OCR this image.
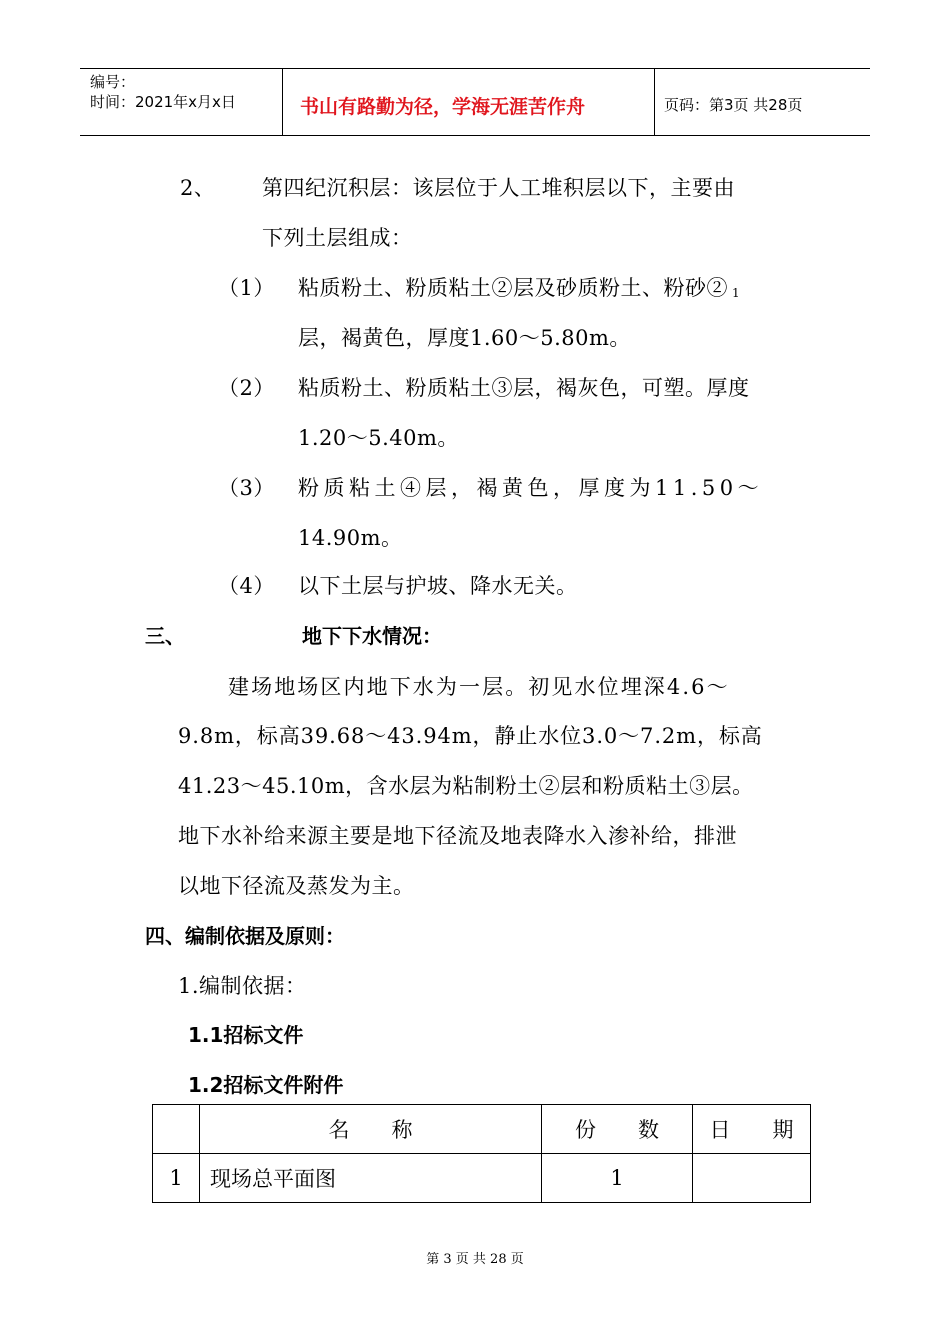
编号：
时间：2021年x月x日	书山有路勤为径，学海无涯苦作舟	页码：第3页 共28页
2、 第四纪沉积层：该层位于人工堆积层以下，主要由
下列土层组成：
（1） 粘质粉土、粉质粘土②层及砂质粉土、粉砂② 1
层，褐黄色，厚度1.60～5.80m。
（2） 粘质粉土、粉质粘土③层，褐灰色，可塑。厚度
1.20～5.40m。
（3） 粉质粘土④层，褐黄色，厚度为11.50～
14.90m。
（4） 以下土层与护坡、降水无关。
三、	地下下水情况：
建场地场区内地下水为一层。初见水位埋深4.6～
9.8m，标高39.68～43.94m，静止水位3.0～7.2m，标高
41.23～45.10m，含水层为粘制粉土②层和粉质粘土③层。
地下水补给来源主要是地下径流及地表降水入渗补给，排泄
以地下径流及蒸发为主。
四、编制依据及原则：
1.编制依据：
1.1招标文件
1.2招标文件附件
	名　　称	份　　数	日　　期
1	现场总平面图	1	
第 3 页 共 28 页
